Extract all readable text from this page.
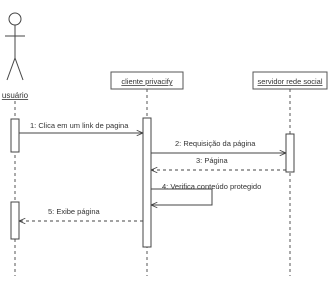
usuário
cliente privacify	servidor rede social
1: Clica em um link de pagina
2: Requisição da página
3: Página
4: Verifica conteúdo protegido
5: Exibe página
